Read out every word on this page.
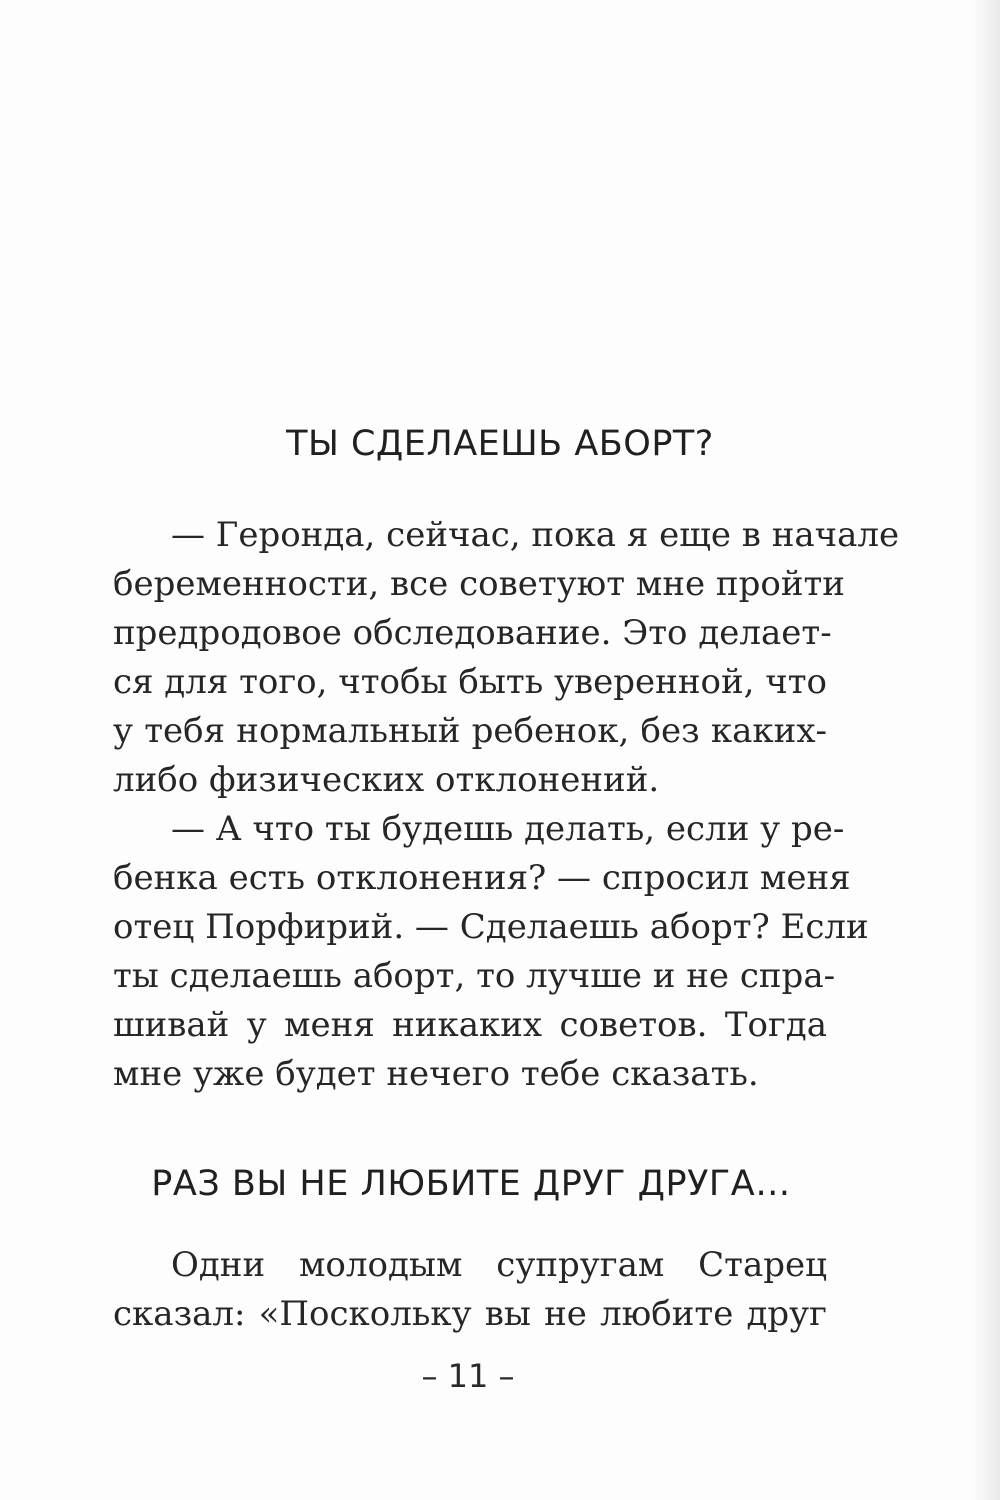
ТЫ СДЕЛАЕШЬ АБОРТ?
— Геронда, сейчас, пока я еще в начале
беременности, все советуют мне пройти
предродовое обследование. Это делает-
ся для того, чтобы быть уверенной, что
у тебя нормальный ребенок, без каких-
либо физических отклонений.
— А что ты будешь делать, если у ре-
бенка есть отклонения? — спросил меня
отец Порфирий. — Сделаешь аборт? Если
ты сделаешь аборт, то лучше и не спра-
шивай у меня никаких советов. Тогда
мне уже будет нечего тебе сказать.
РАЗ ВЫ НЕ ЛЮБИТЕ ДРУГ ДРУГА…
Одни молодым супругам Старец
сказал: «Поскольку вы не любите друг
– 11 –
